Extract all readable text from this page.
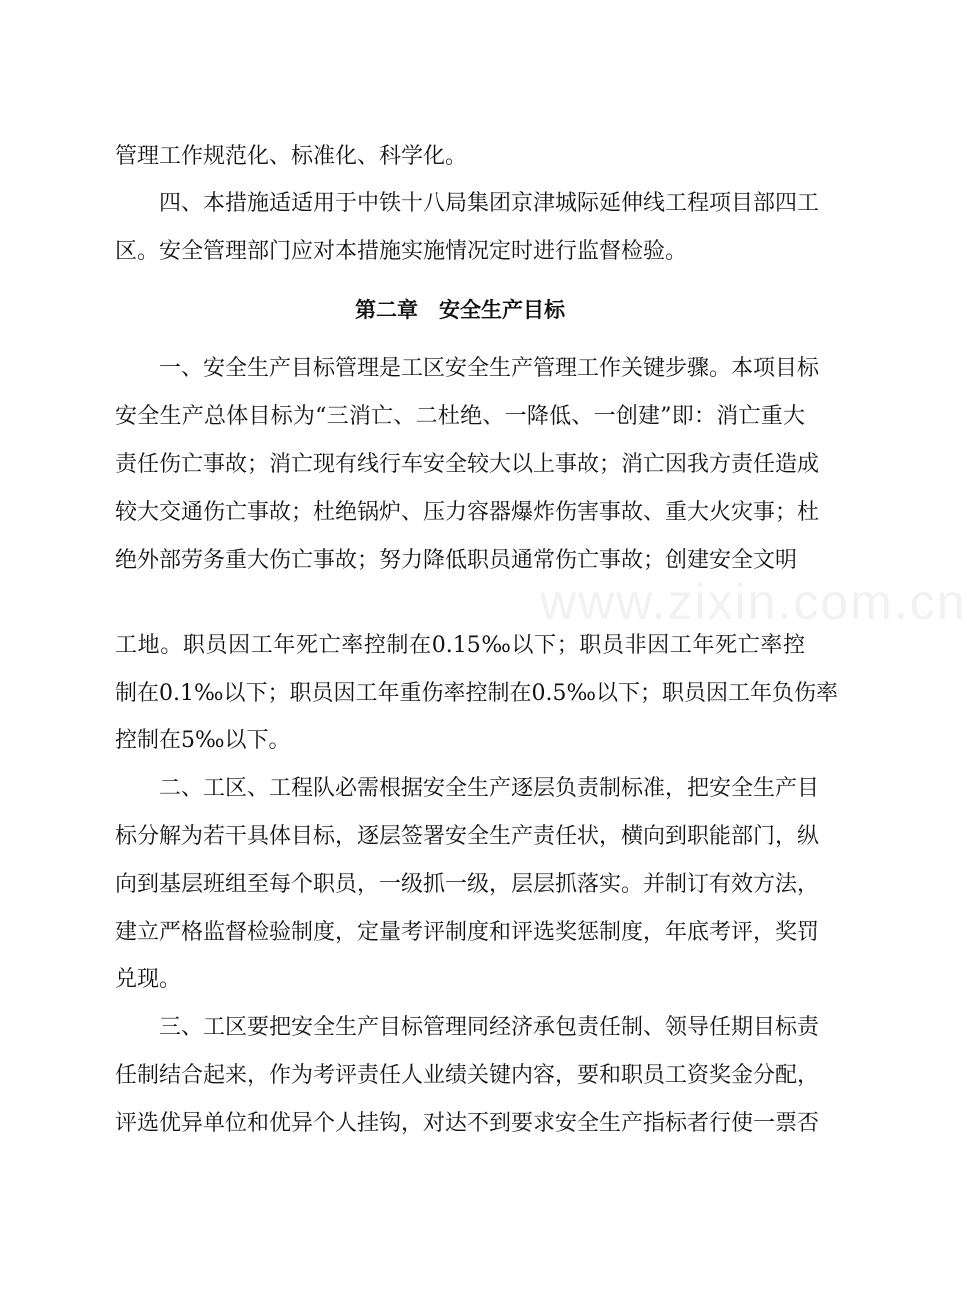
www.zixin.com.cn
管理工作规范化、标准化、科学化。
四、本措施适适用于中铁十八局集团京津城际延伸线工程项目部四工
区。安全管理部门应对本措施实施情况定时进行监督检验。
第二章　安全生产目标
一、安全生产目标管理是工区安全生产管理工作关键步骤。本项目标
安全生产总体目标为“三消亡、二杜绝、一降低、一创建”即：消亡重大
责任伤亡事故；消亡现有线行车安全较大以上事故；消亡因我方责任造成
较大交通伤亡事故；杜绝锅炉、压力容器爆炸伤害事故、重大火灾事；杜
绝外部劳务重大伤亡事故；努力降低职员通常伤亡事故；创建安全文明
工地。职员因工年死亡率控制在0.15‰以下；职员非因工年死亡率控
制在0.1‰以下；职员因工年重伤率控制在0.5‰以下；职员因工年负伤率
控制在5‰以下。
二、工区、工程队必需根据安全生产逐层负责制标准，把安全生产目
标分解为若干具体目标，逐层签署安全生产责任状，横向到职能部门，纵
向到基层班组至每个职员，一级抓一级，层层抓落实。并制订有效方法，
建立严格监督检验制度，定量考评制度和评选奖惩制度，年底考评，奖罚
兑现。
三、工区要把安全生产目标管理同经济承包责任制、领导任期目标责
任制结合起来，作为考评责任人业绩关键内容，要和职员工资奖金分配，
评选优异单位和优异个人挂钩，对达不到要求安全生产指标者行使一票否
